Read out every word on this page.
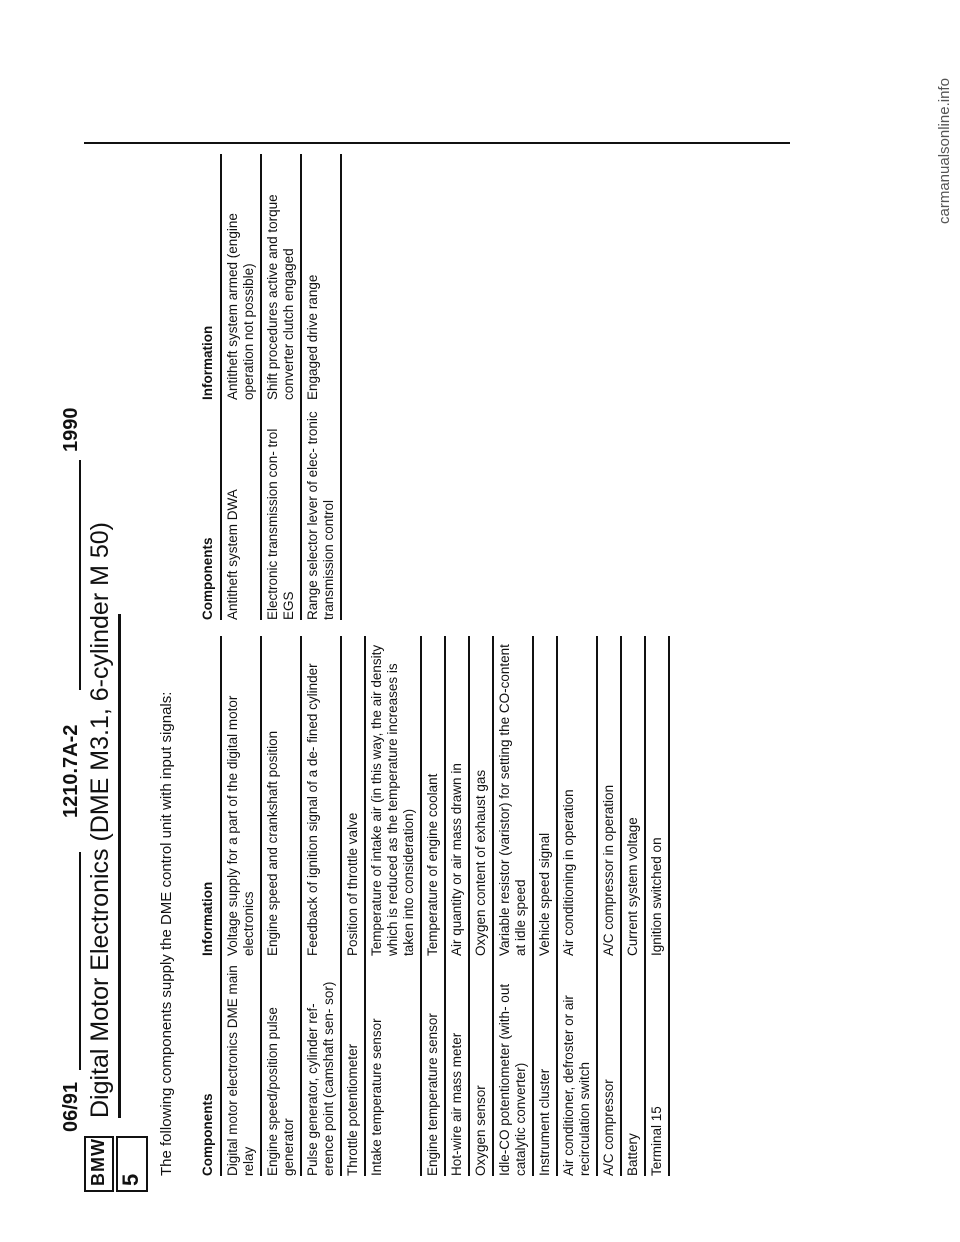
06/91
1210.7A-2
1990
BMW 5
Digital Motor Electronics (DME M3.1, 6-cylinder M 50)	The following components supply the DME control unit with input signals: Components	Information
Digital motor electronics DME main relay	Voltage supply for a part of the digital motor electronics
Engine speed/position pulse generator	Engine speed and crankshaft position
Pulse generator, cylinder ref- erence point (camshaft sen- sor)	Feedback of ignition signal of a de- fined cylinder
Throttle potentiometer	Position of throttle valve
Intake temperature sensor	Temperature of intake air (in this way, the air density which is reduced as the temperature increases is taken into consideration)
Engine temperature sensor	Temperature of engine coolant
Hot-wire air mass meter	Air quantity or air mass drawn in
Oxygen sensor	Oxygen content of exhaust gas
Idle-CO potentiometer (with- out catalytic converter)	Variable resistor (varistor) for setting the CO-content at idle speed
Instrument cluster	Vehicle speed signal
Air conditioner, defroster or air recirculation switch	Air conditioning in operation
A/C compressor	A/C compressor in operation
Battery	Current system voltage
Terminal 15	Ignition switched on
Components	Information
Antitheft system DWA	Antitheft system armed (engine operation not possible)
Electronic transmission con- trol EGS	Shift procedures active and torque converter clutch engaged
Range selector lever of elec- tronic transmission control	Engaged drive range
carmanualsonline.info
